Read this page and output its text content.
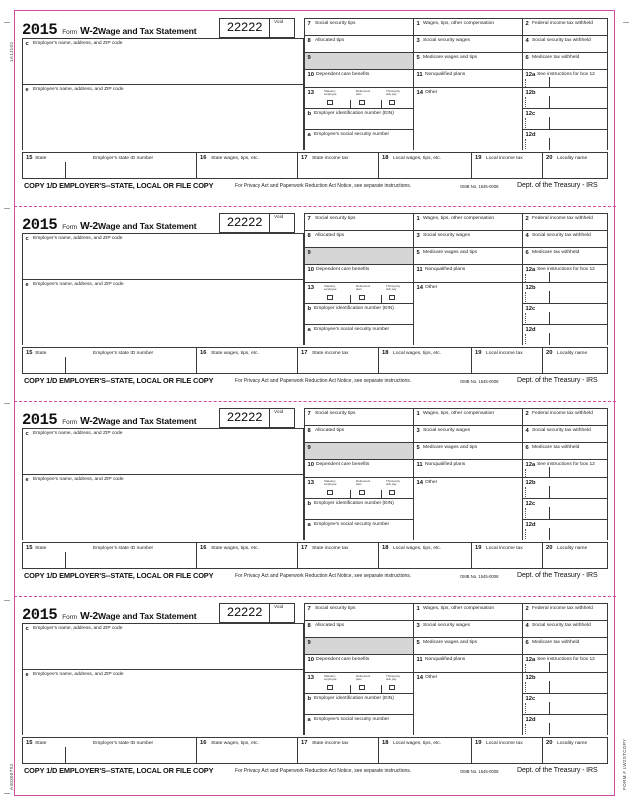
1A1J102
A403007S2	FORM # LW2STCOPY
2015 Form W-2 Wage and Tax Statement 22222 Void
c Employer's name, address, and ZIP code
e Employee's name, address, and ZIP code
7 Social security tips
8 Allocated tips
9
10 Dependent care benefits
13	Statutory
employee
Retirement
plan
Third-party
sick pay
b Employer identification number (EIN)
a Employee's social security number
1 Wages, tips, other compensation
3 Social security wages
5 Medicare wages and tips
11 Nonqualified plans
14 Other
2 Federal income tax withheld
4 Social security tax withheld
6 Medicare tax withheld
12a See instructions for box 12
12b
12c
12d
15 State	Employer's state ID number	16 State wages, tips, etc.	17 State income tax	18 Local wages, tips, etc.	19 Local income tax	20 Locality name
COPY 1/D EMPLOYER'S--STATE, LOCAL OR FILE COPY	For Privacy Act and Paperwork Reduction Act Notice, see separate instructions.	OMB No. 1545-0008	Dept. of the Treasury - IRS
2015 Form W-2 Wage and Tax Statement 22222 Void
c Employer's name, address, and ZIP code
e Employee's name, address, and ZIP code
7 Social security tips
8 Allocated tips
9
10 Dependent care benefits
13	Statutory
employee
Retirement
plan
Third-party
sick pay
b Employer identification number (EIN)
a Employee's social security number
1 Wages, tips, other compensation
3 Social security wages
5 Medicare wages and tips
11 Nonqualified plans
14 Other
2 Federal income tax withheld
4 Social security tax withheld
6 Medicare tax withheld
12a See instructions for box 12
12b
12c
12d
15 State	Employer's state ID number	16 State wages, tips, etc.	17 State income tax	18 Local wages, tips, etc.	19 Local income tax	20 Locality name
COPY 1/D EMPLOYER'S--STATE, LOCAL OR FILE COPY	For Privacy Act and Paperwork Reduction Act Notice, see separate instructions.	OMB No. 1545-0008	Dept. of the Treasury - IRS
2015 Form W-2 Wage and Tax Statement 22222 Void
c Employer's name, address, and ZIP code
e Employee's name, address, and ZIP code
7 Social security tips
8 Allocated tips
9
10 Dependent care benefits
13	Statutory
employee
Retirement
plan
Third-party
sick pay
b Employer identification number (EIN)
a Employee's social security number
1 Wages, tips, other compensation
3 Social security wages
5 Medicare wages and tips
11 Nonqualified plans
14 Other
2 Federal income tax withheld
4 Social security tax withheld
6 Medicare tax withheld
12a See instructions for box 12
12b
12c
12d
15 State	Employer's state ID number	16 State wages, tips, etc.	17 State income tax	18 Local wages, tips, etc.	19 Local income tax	20 Locality name
COPY 1/D EMPLOYER'S--STATE, LOCAL OR FILE COPY	For Privacy Act and Paperwork Reduction Act Notice, see separate instructions.	OMB No. 1545-0008	Dept. of the Treasury - IRS
2015 Form W-2 Wage and Tax Statement 22222 Void
c Employer's name, address, and ZIP code
e Employee's name, address, and ZIP code
7 Social security tips
8 Allocated tips
9
10 Dependent care benefits
13	Statutory
employee
Retirement
plan
Third-party
sick pay
b Employer identification number (EIN)
a Employee's social security number
1 Wages, tips, other compensation
3 Social security wages
5 Medicare wages and tips
11 Nonqualified plans
14 Other
2 Federal income tax withheld
4 Social security tax withheld
6 Medicare tax withheld
12a See instructions for box 12
12b
12c
12d
15 State	Employer's state ID number	16 State wages, tips, etc.	17 State income tax	18 Local wages, tips, etc.	19 Local income tax	20 Locality name
COPY 1/D EMPLOYER'S--STATE, LOCAL OR FILE COPY	For Privacy Act and Paperwork Reduction Act Notice, see separate instructions.	OMB No. 1545-0008	Dept. of the Treasury - IRS
